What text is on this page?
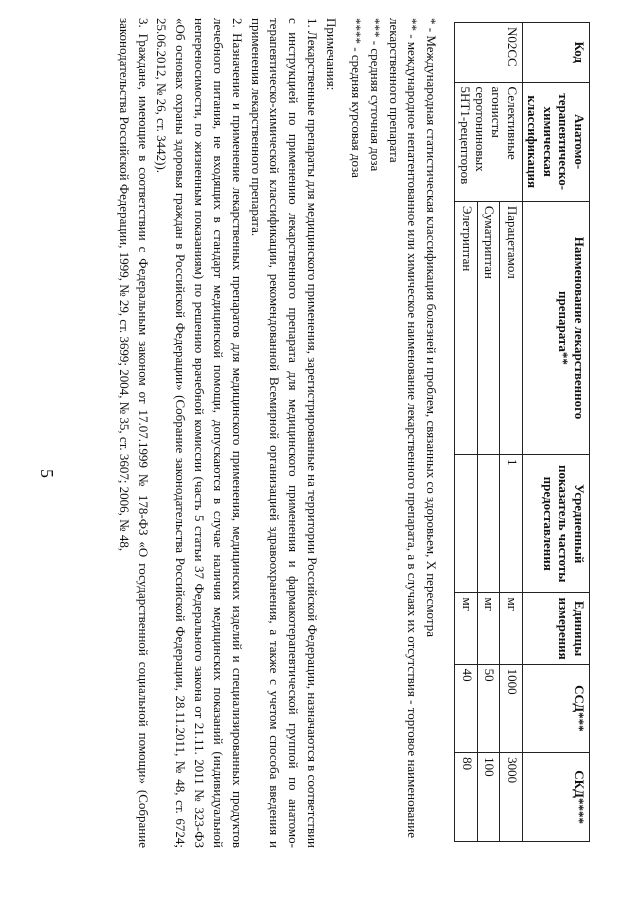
5
Код	Анатомо-терапевтическо-химическая классификация	Наименование лекарственного препарата**	Усредненный показатель частоты предоставления	Единицы измерения	ССД***	СКД****
N02CC	Селективные агонисты серотониновых 5НТ1-рецепторов	Парацетамол	1	мг	1000	3000
		Суматриптан		мг	50	100
		Элетриптан		мг	40	80

* - Международная статистическая классификация болезней и проблем, связанных со здоровьем, X пересмотра

** - международное непатентованное или химическое наименование лекарственного препарата, а в случаях их отсутствия - торговое наименование лекарственного препарата

*** - средняя суточная доза

**** - средняя курсовая доза

Примечания:

1. Лекарственные препараты для медицинского применения, зарегистрированные на территории Российской Федерации, назначаются в соответствии с инструкцией по применению лекарственного препарата для медицинского применения и фармакотерапевтической группой по анатомо-терапевтическо-химической классификации, рекомендованной Всемирной организацией здравоохранения, а также с учетом способа введения и применения лекарственного препарата.

2. Назначение и применение лекарственных препаратов для медицинского применения, медицинских изделий и специализированных продуктов лечебного питания, не входящих в стандарт медицинской помощи, допускаются в случае наличия медицинских показаний (индивидуальной непереносимости, по жизненным показаниям) по решению врачебной комиссии (часть 5 статьи 37 Федерального закона от 21.11. 2011 № 323-ФЗ «Об основах охраны здоровья граждан в Российской Федерации» (Собрание законодательства Российской Федерации, 28.11.2011, № 48, ст. 6724; 25.06.2012, № 26, ст. 3442)).

3. Граждане, имеющие в соответствии с Федеральным законом от 17.07.1999 № 178-ФЗ «О государственной социальной помощи» (Собрание законодательства Российской Федерации, 1999, № 29, ст. 3699; 2004, № 35, ст. 3607; 2006, № 48,
